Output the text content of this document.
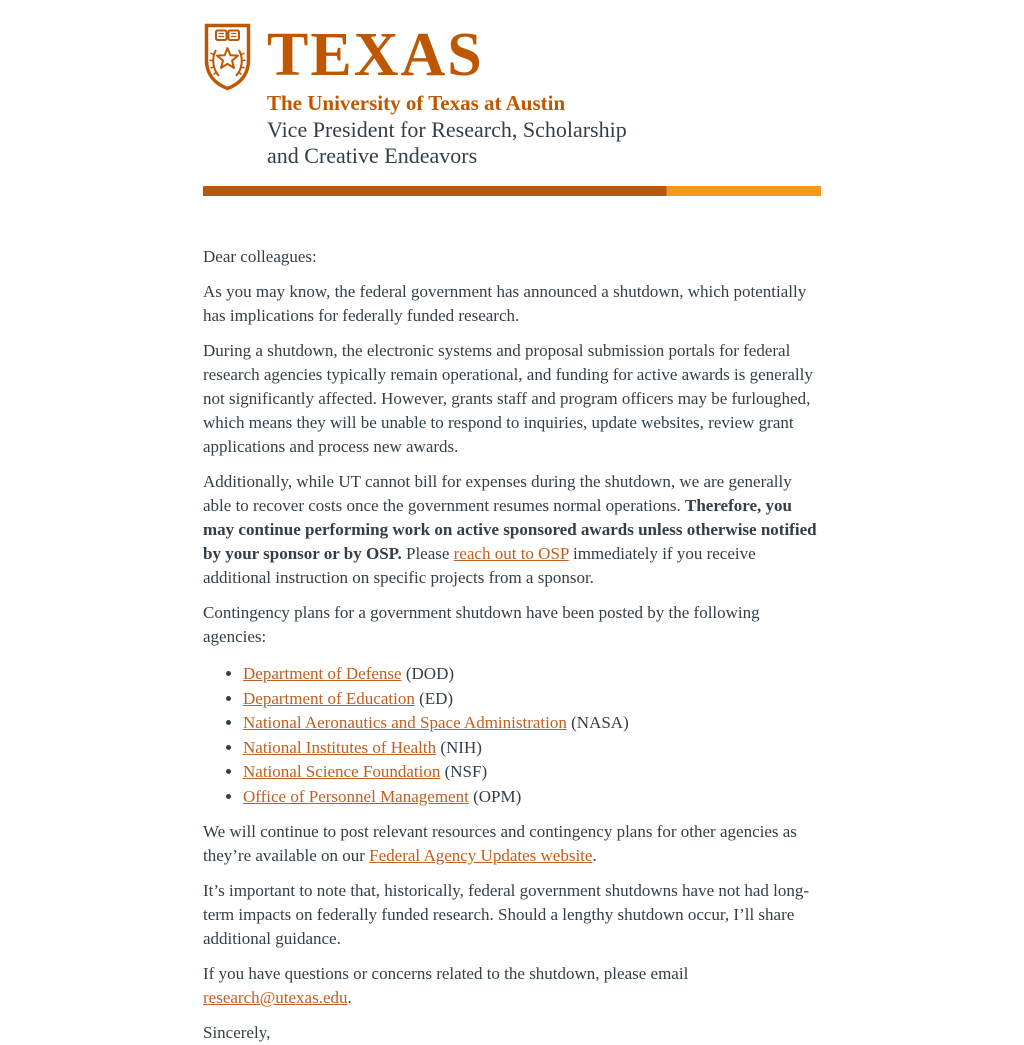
TEXAS
The University of Texas at Austin
Vice President for Research, Scholarship
and Creative Endeavors

Dear colleagues:

As you may know, the federal government has announced a shutdown, which potentially has implications for federally funded research.

During a shutdown, the electronic systems and proposal submission portals for federal research agencies typically remain operational, and funding for active awards is generally not significantly affected. However, grants staff and program officers may be furloughed, which means they will be unable to respond to inquiries, update websites, review grant applications and process new awards.

Additionally, while UT cannot bill for expenses during the shutdown, we are generally able to recover costs once the government resumes normal operations. Therefore, you may continue performing work on active sponsored awards unless otherwise notified by your sponsor or by OSP. Please reach out to OSP immediately if you receive additional instruction on specific projects from a sponsor.

Contingency plans for a government shutdown have been posted by the following agencies:

• Department of Defense (DOD)
• Department of Education (ED)
• National Aeronautics and Space Administration (NASA)
• National Institutes of Health (NIH)
• National Science Foundation (NSF)
• Office of Personnel Management (OPM)

We will continue to post relevant resources and contingency plans for other agencies as they’re available on our Federal Agency Updates website.

It’s important to note that, historically, federal government shutdowns have not had long-term impacts on federally funded research. Should a lengthy shutdown occur, I’ll share additional guidance.

If you have questions or concerns related to the shutdown, please email research@utexas.edu.

Sincerely,
